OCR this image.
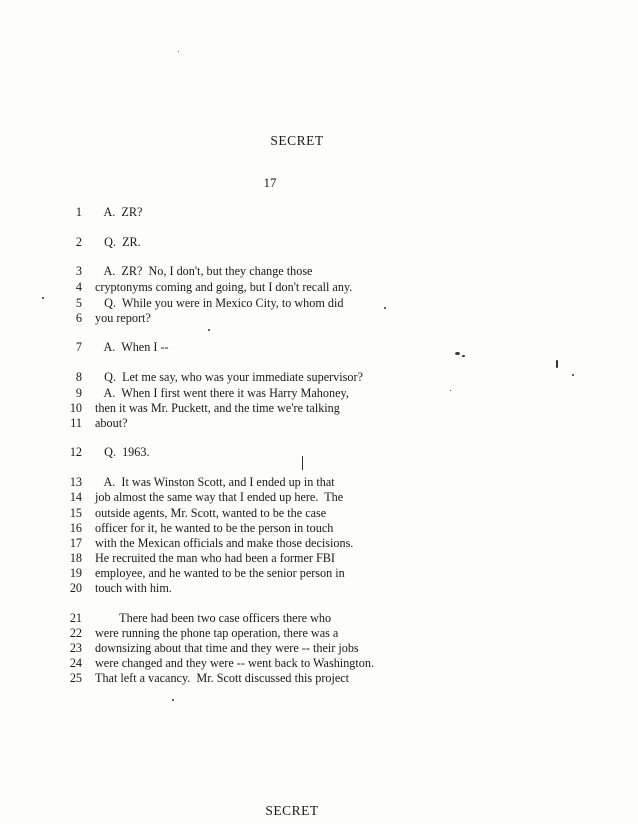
SECRET
17
1 A.  ZR?
2 Q.  ZR.
3 A.  ZR?  No, I don't, but they change those
4 cryptonyms coming and going, but I don't recall any.
5 Q.  While you were in Mexico City, to whom did
6 you report?
7 A.  When I --
8 Q.  Let me say, who was your immediate supervisor?
9 A.  When I first went there it was Harry Mahoney,
10 then it was Mr. Puckett, and the time we're talking
11 about?
12 Q.  1963.
13 A.  It was Winston Scott, and I ended up in that
14 job almost the same way that I ended up here.  The
15 outside agents, Mr. Scott, wanted to be the case
16 officer for it, he wanted to be the person in touch
17 with the Mexican officials and make those decisions.
18 He recruited the man who had been a former FBI
19 employee, and he wanted to be the senior person in
20 touch with him.
21 There had been two case officers there who
22 were running the phone tap operation, there was a
23 downsizing about that time and they were -- their jobs
24 were changed and they were -- went back to Washington.
25 That left a vacancy.  Mr. Scott discussed this project
SECRET
